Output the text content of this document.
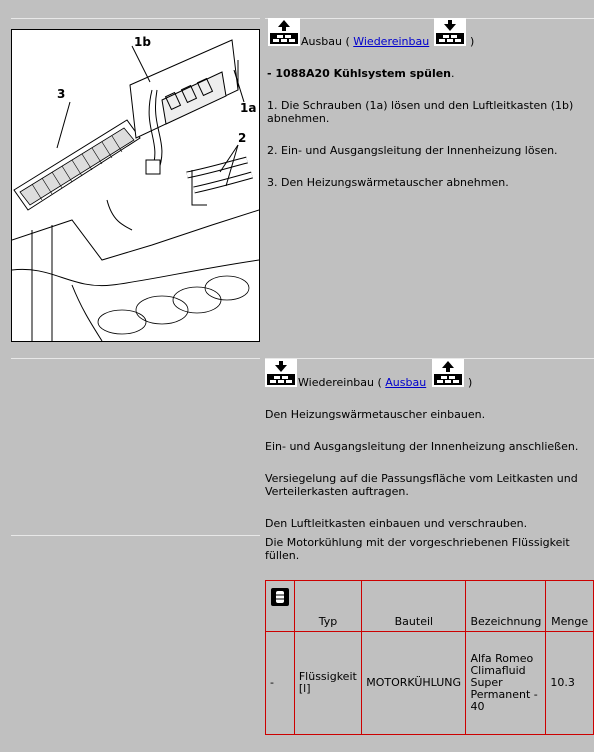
3
1b
1a
2
Ausbau ( Wiedereinbau	)
- 1088A20 Kühlsystem spülen.
1. Die Schrauben (1a) lösen und den Luftleitkasten (1b) abnehmen.
2. Ein- und Ausgangsleitung der Innenheizung lösen.
3. Den Heizungswärmetauscher abnehmen.
Wiedereinbau ( Ausbau	)
Den Heizungswärmetauscher einbauen.
Ein- und Ausgangsleitung der Innenheizung anschließen.
Versiegelung auf die Passungsfläche vom Leitkasten und Verteilerkasten auftragen.
Den Luftleitkasten einbauen und verschrauben.
Die Motorkühlung mit der vorgeschriebenen Flüssigkeit füllen.
	Typ	Bauteil	Bezeichnung	Menge
-	Flüssigkeit [l]	MOTORKÜHLUNG	Alfa Romeo Climafluid Super Permanent - 40	10.3
